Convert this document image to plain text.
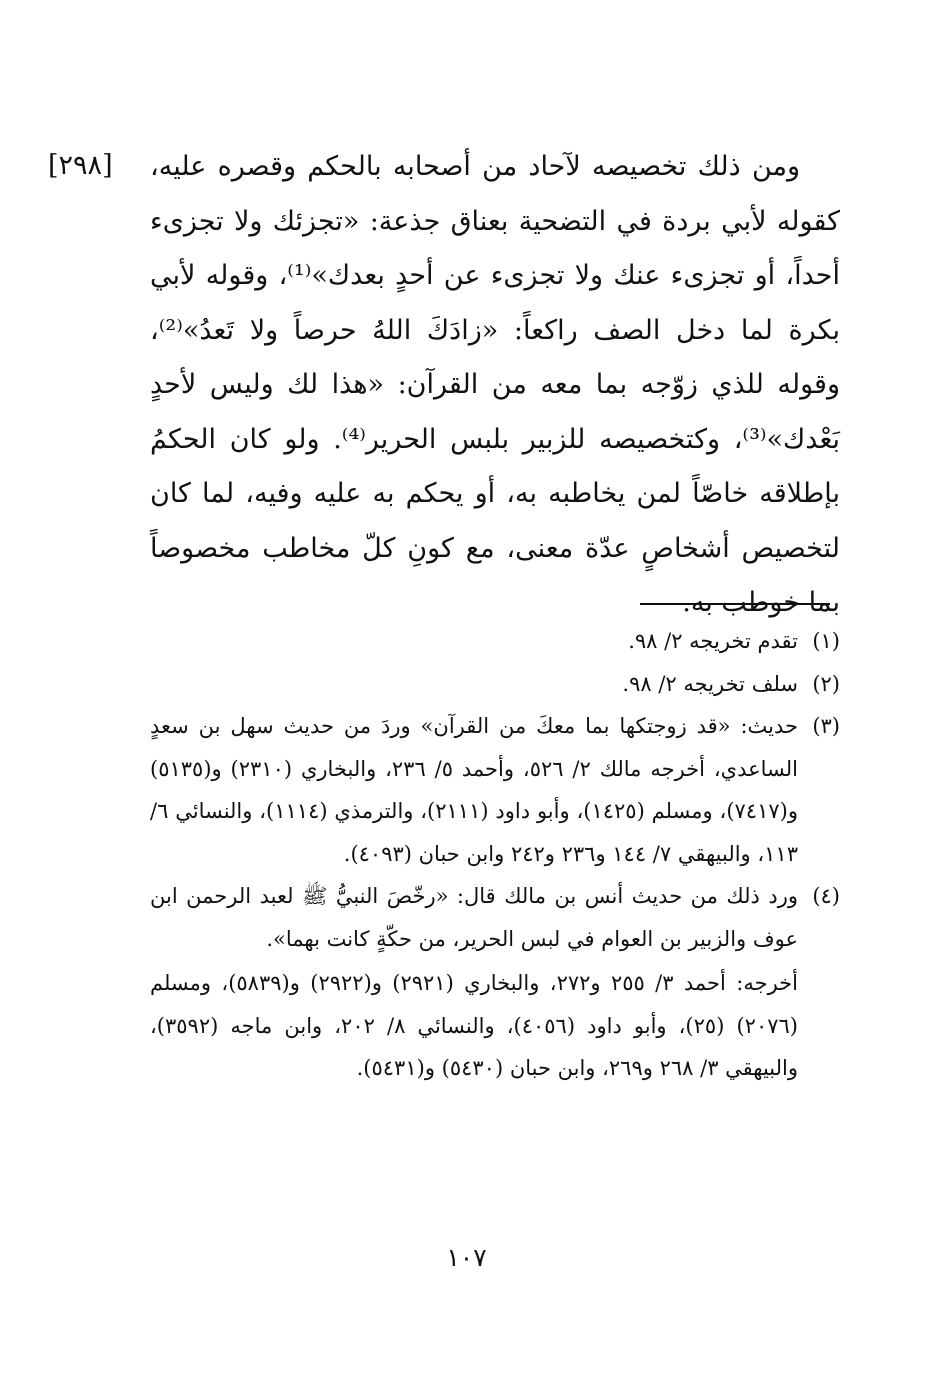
[٢٩٨] ومن ذلك تخصيصه لآحاد من أصحابه بالحكم وقصره عليه، كقوله لأبي بردة في التضحية بعناق جذعة: «تجزئك ولا تجزىء أحداً، أو تجزىء عنك ولا تجزىء عن أحدٍ بعدك»⁽¹⁾، وقوله لأبي بكرة لما دخل الصف راكعاً: «زادَكَ اللهُ حرصاً ولا تَعدُ»⁽²⁾، وقوله للذي زوّجه بما معه من القرآن: «هذا لك وليس لأحدٍ بَعْدك»⁽³⁾، وكتخصيصه للزبير بلبس الحرير⁽⁴⁾. ولو كان الحكمُ بإطلاقه خاصّاً لمن يخاطبه به، أو يحكم به عليه وفيه، لما كان لتخصيص أشخاصٍ عدّة معنى، مع كونِ كلّ مخاطب مخصوصاً بما خوطب به.

(١)

تقدم تخريجه ٢/ ٩٨.

(٢)

سلف تخريجه ٢/ ٩٨.

(٣)

حديث: «قد زوجتكها بما معكَ من القرآن» وردَ من حديث سهل بن سعدٍ الساعدي، أخرجه مالك ٢/ ٥٢٦، وأحمد ٥/ ٢٣٦، والبخاري (٢٣١٠) و(٥١٣٥) و(٧٤١٧)، ومسلم (١٤٢٥)، وأبو داود (٢١١١)، والترمذي (١١١٤)، والنسائي ٦/ ١١٣، والبيهقي ٧/ ١٤٤ و٢٣٦ و٢٤٢ وابن حبان (٤٠٩٣).

(٤)

ورد ذلك من حديث أنس بن مالك قال: «رخّصَ النبيُّ ﷺ لعبد الرحمن ابن عوف والزبير بن العوام في لبس الحرير، من حكّةٍ كانت بهما».

أخرجه: أحمد ٣/ ٢٥٥ و٢٧٢، والبخاري (٢٩٢١) و(٢٩٢٢) و(٥٨٣٩)، ومسلم (٢٠٧٦) (٢٥)، وأبو داود (٤٠٥٦)، والنسائي ٨/ ٢٠٢، وابن ماجه (٣٥٩٢)، والبيهقي ٣/ ٢٦٨ و٢٦٩، وابن حبان (٥٤٣٠) و(٥٤٣١).

١٠٧
